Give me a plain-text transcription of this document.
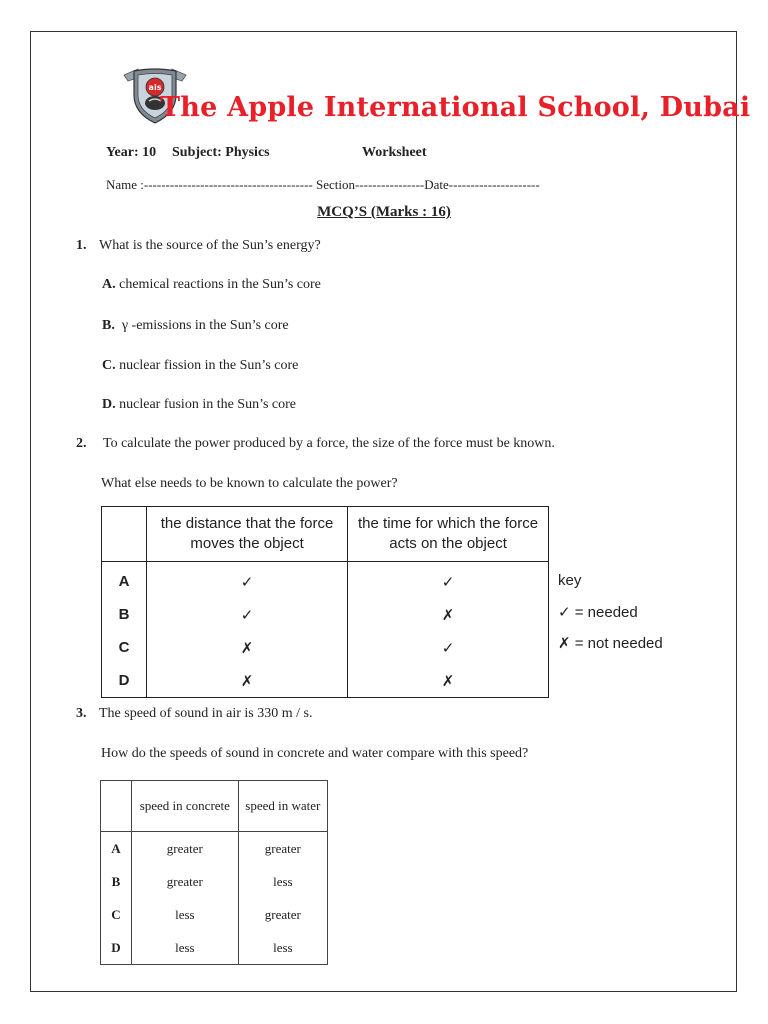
ais
The Apple International School, Dubai
Year: 10 Subject: Physics	Worksheet
Name :--------------------------------------- Section----------------Date---------------------
MCQ’S (Marks : 16)
1. What is the source of the Sun’s energy?
A. chemical reactions in the Sun’s core
B. γ -emissions in the Sun’s core
C. nuclear fission in the Sun’s core
D. nuclear fusion in the Sun’s core
2. To calculate the power produced by a force, the size of the force must be known.
What else needs to be known to calculate the power?
	the distance that the force moves the object	the time for which the force acts on the object
A	✓	✓
B	✓	✗
C	✗	✓
D	✗	✗
key
✓ = needed
✗ = not needed
3. The speed of sound in air is 330 m / s.
How do the speeds of sound in concrete and water compare with this speed?
	speed in concrete	speed in water
A	greater	greater
B	greater	less
C	less	greater
D	less	less
